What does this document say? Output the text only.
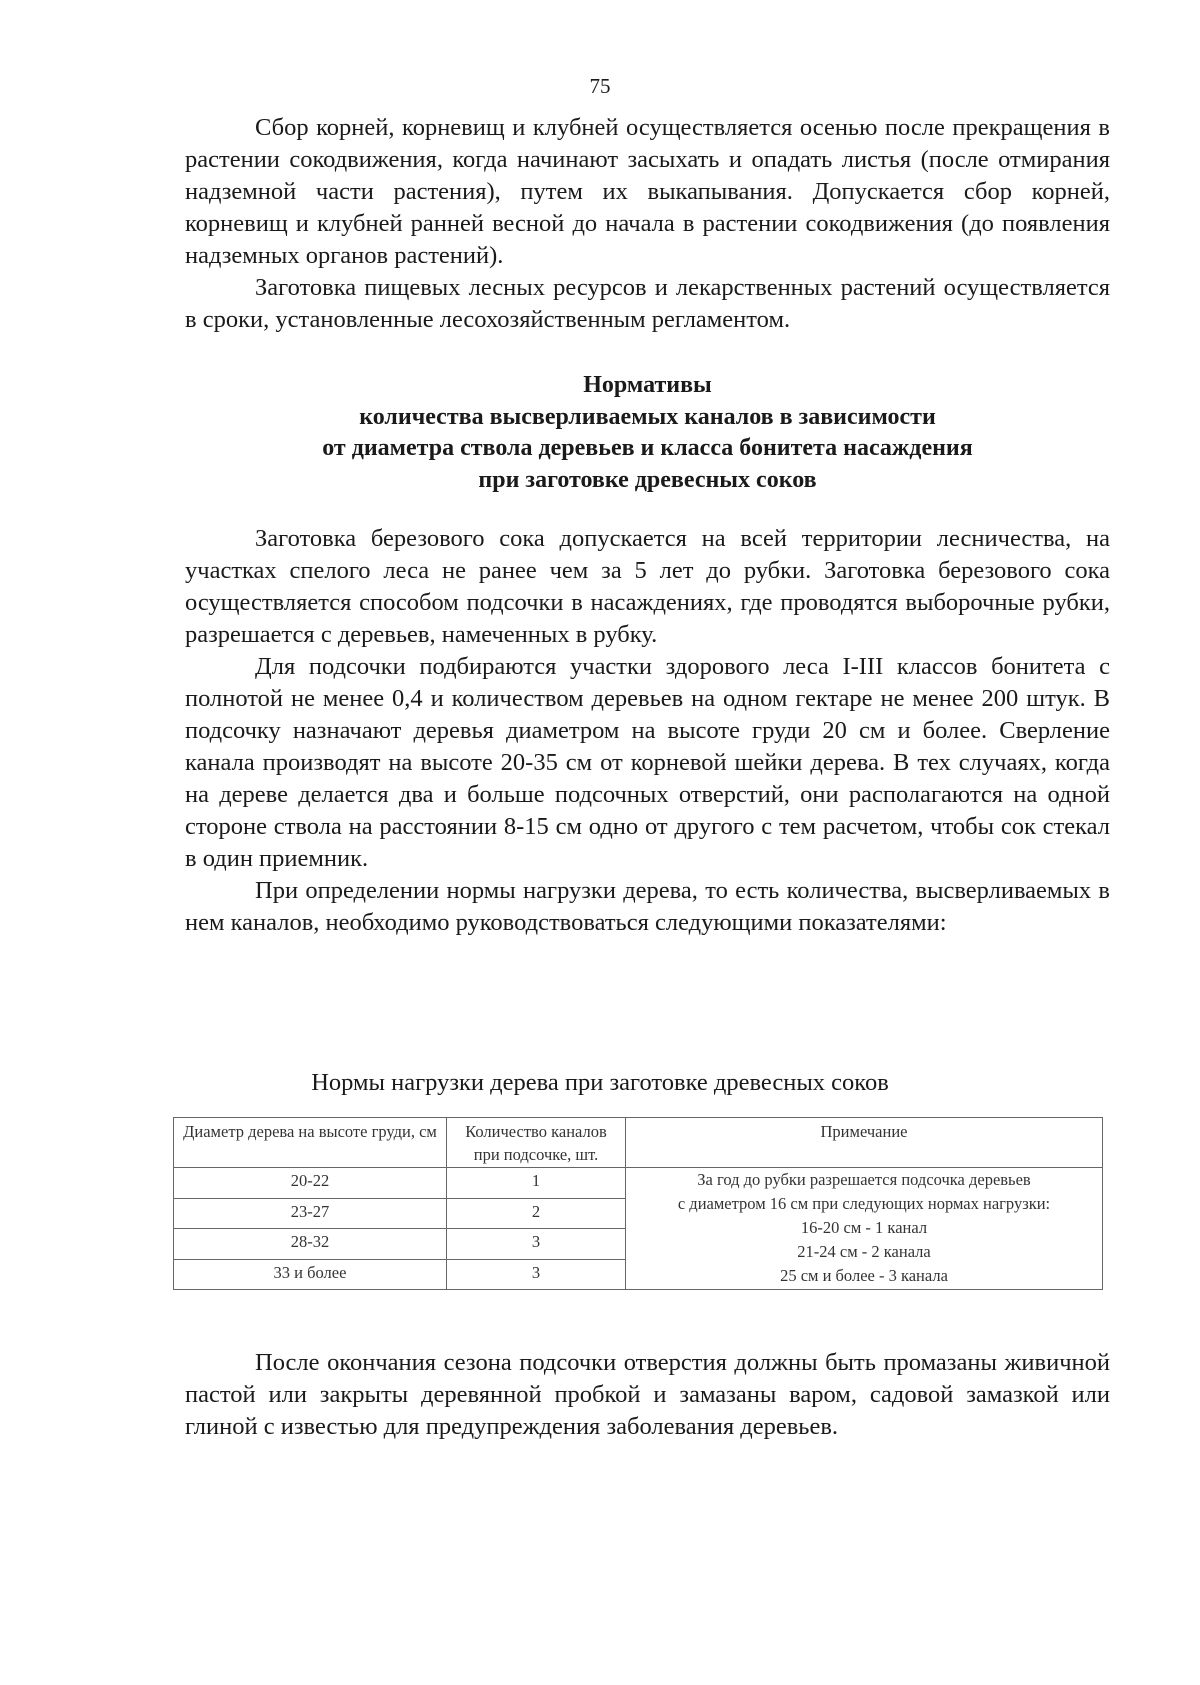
75

Сбор корней, корневищ и клубней осуществляется осенью после прекращения в растении сокодвижения, когда начинают засыхать и опадать листья (после отмирания надземной части растения), путем их выкапывания. Допускается сбор корней, корневищ и клубней ранней весной до начала в растении сокодвижения (до появления надземных органов растений).

Заготовка пищевых лесных ресурсов и лекарственных растений осуществляется в сроки, установленные лесохозяйственным регламентом.

Нормативы
количества высверливаемых каналов в зависимости
от диаметра ствола деревьев и класса бонитета насаждения
при заготовке древесных соков

Заготовка березового сока допускается на всей территории лесничества, на участках спелого леса не ранее чем за 5 лет до рубки. Заготовка березового сока осуществляется способом подсочки в насаждениях, где проводятся выборочные рубки, разрешается с деревьев, намеченных в рубку.

Для подсочки подбираются участки здорового леса I-III классов бонитета с полнотой не менее 0,4 и количеством деревьев на одном гектаре не менее 200 штук. В подсочку назначают деревья диаметром на высоте груди 20 см и более. Сверление канала производят на высоте 20-35 см от корневой шейки дерева. В тех случаях, когда на дереве делается два и больше подсочных отверстий, они располагаются на одной стороне ствола на расстоянии 8-15 см одно от другого с тем расчетом, чтобы сок стекал в один приемник.

При определении нормы нагрузки дерева, то есть количества, высверливаемых в нем каналов, необходимо руководствоваться следующими показателями:

Нормы нагрузки дерева при заготовке древесных соков
Диаметр дерева на высоте груди, см	Количество каналов при подсочке, шт.	Примечание
20-22	1	За год до рубки разрешается подсочка деревьев
с диаметром 16 см при следующих нормах нагрузки:
16-20 см - 1 канал
21-24 см - 2 канала
25 см и более - 3 канала

23-27	2	
28-32	3	
33 и более	3	

После окончания сезона подсочки отверстия должны быть промазаны живичной пастой или закрыты деревянной пробкой и замазаны варом, садовой замазкой или глиной с известью для предупреждения заболевания деревьев.
